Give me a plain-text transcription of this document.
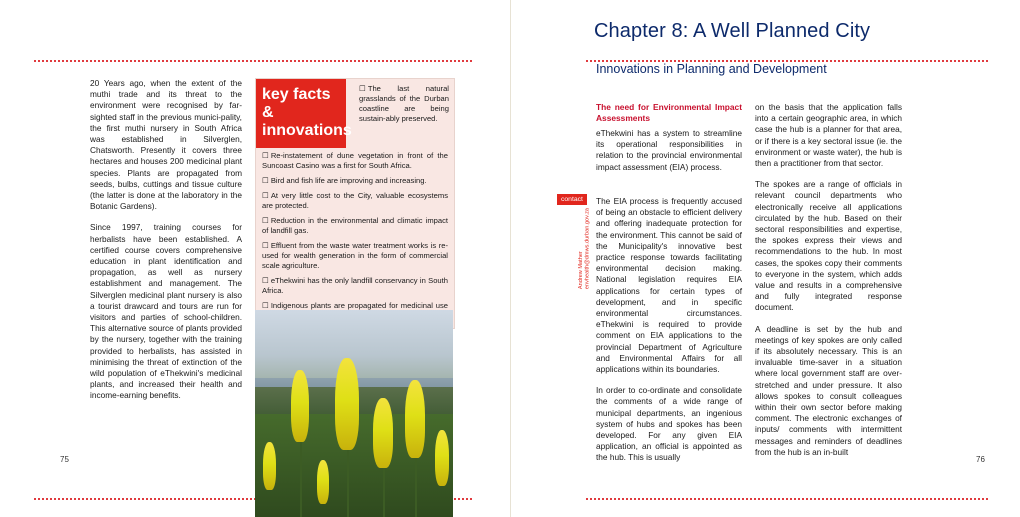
20 Years ago, when the extent of the muthi trade and its threat to the environment were recognised by far-sighted staff in the previous munici-pality, the first muthi nursery in South Africa was established in Silverglen, Chatsworth. Presently it covers three hectares and houses 200 medicinal plant species. Plants are propagated from seeds, bulbs, cuttings and tissue culture (the latter is done at the laboratory in the Botanic Gardens).

Since 1997, training courses for herbalists have been established. A certified course covers comprehensive education in plant identification and propagation, as well as nursery establishment and management. The Silverglen medicinal plant nursery is also a tourist drawcard and tours are run for visitors and parties of school-children. This alternative source of plants provided by the nursery, together with the training provided to herbalists, has assisted in minimising the threat of extinction of the wild population of eThekwini's medicinal plants, and increased their health and income-earning benefits.

key facts & innovations
☐ The last natural grasslands of the Durban coastline are being sustain-ably preserved.
☐ Re-instatement of dune vegetation in front of the Suncoast Casino was a first for South Africa.
☐ Bird and fish life are improving and increasing.
☐ At very little cost to the City, valuable ecosystems are protected.
☐ Reduction in the environmental and climatic impact of landfill gas.
☐ Effluent from the waste water treatment works is re-used for wealth generation in the form of commercial scale agriculture.
☐ eThekwini has the only landfill conservancy in South Africa.
☐ Indigenous plants are propagated for medicinal use
75
Chapter 8: A Well Planned City
Innovations in Planning and Development
The need for Environmental Impact Assessments
contact
Andrew Mather
envhealth@dmws.durban.gov.za

eThekwini has a system to streamline its operational responsibilities in relation to the provincial environmental impact assessment (EIA) process.

The EIA process is frequently accused of being an obstacle to efficient delivery and offering inadequate protection for the environment. This cannot be said of the Municipality's innovative best practice response towards facilitating environmental decision making. National legislation requires EIA applications for certain types of development, and in specific environmental circumstances. eThekwini is required to provide comment on EIA applications to the provincial Department of Agriculture and Environmental Affairs for all applications within its boundaries.

In order to co-ordinate and consolidate the comments of a wide range of municipal departments, an ingenious system of hubs and spokes has been developed. For any given EIA application, an official is appointed as the hub. This is usually

on the basis that the application falls into a certain geographic area, in which case the hub is a planner for that area, or if there is a key sectoral issue (ie. the environment or waste water), the hub is then a practitioner from that sector.

The spokes are a range of officials in relevant council departments who electronically receive all applications circulated by the hub. Based on their sectoral responsibilities and expertise, the spokes express their views and recommendations to the hub. In most cases, the spokes copy their comments to everyone in the system, which adds value and results in a comprehensive and fully integrated response document.

A deadline is set by the hub and meetings of key spokes are only called if its absolutely necessary. This is an invaluable time-saver in a situation where local government staff are over-stretched and under pressure. It also allows spokes to consult colleagues within their own sector before making comment. The electronic exchanges of inputs/ comments with intermittent messages and reminders of deadlines from the hub is an in-built

76
